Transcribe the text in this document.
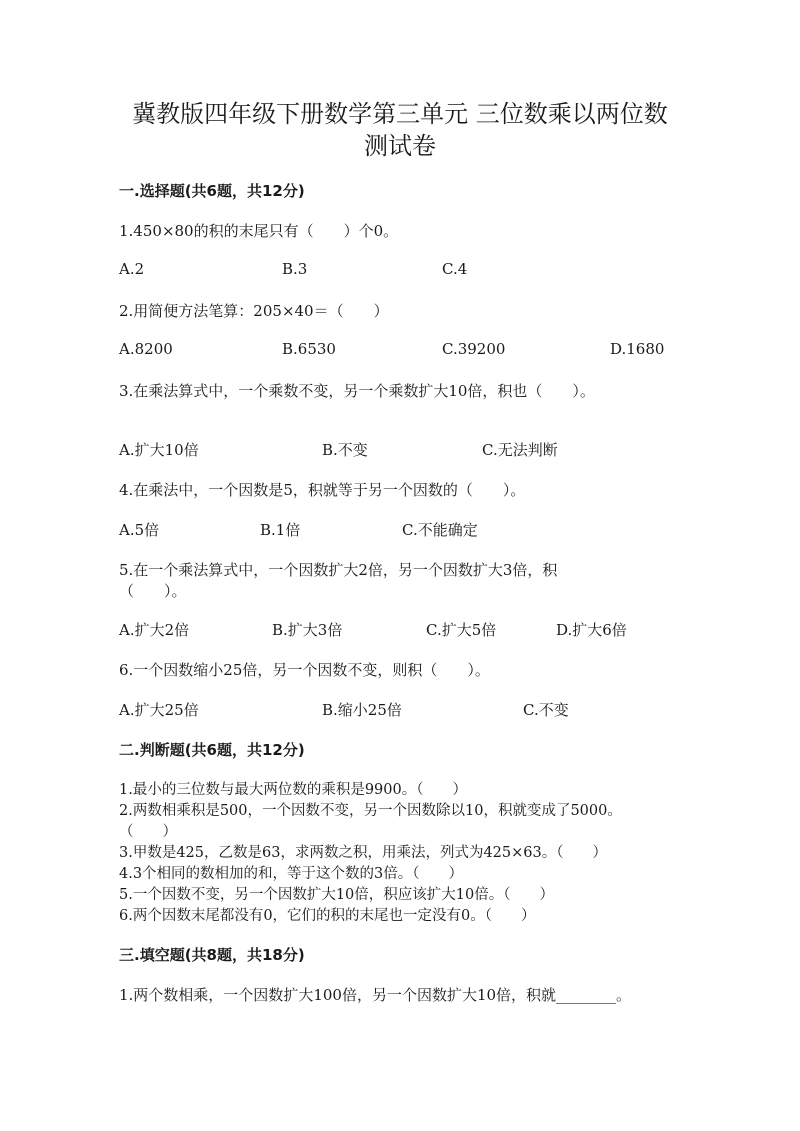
冀教版四年级下册数学第三单元 三位数乘以两位数
测试卷
一.选择题(共6题，共12分)
1.450×80的积的末尾只有（　　）个0。
A.2	B.3	C.4
2.用简便方法笔算：205×40＝（　　）
A.8200	B.6530	C.39200	D.1680
3.在乘法算式中，一个乘数不变，另一个乘数扩大10倍，积也（　　）。
A.扩大10倍	B.不变	C.无法判断
4.在乘法中，一个因数是5，积就等于另一个因数的（　　）。
A.5倍	B.1倍	C.不能确定
5.在一个乘法算式中，一个因数扩大2倍，另一个因数扩大3倍，积
（　　）。
A.扩大2倍	B.扩大3倍	C.扩大5倍	D.扩大6倍
6.一个因数缩小25倍，另一个因数不变，则积（　　）。
A.扩大25倍	B.缩小25倍	C.不变
二.判断题(共6题，共12分)
1.最小的三位数与最大两位数的乘积是9900。（　　）
2.两数相乘积是500，一个因数不变，另一个因数除以10，积就变成了5000。
（　　）
3.甲数是425，乙数是63，求两数之积，用乘法，列式为425×63。（　　）
4.3个相同的数相加的和，等于这个数的3倍。（　　）
5.一个因数不变，另一个因数扩大10倍，积应该扩大10倍。（　　）
6.两个因数末尾都没有0，它们的积的末尾也一定没有0。（　　）
三.填空题(共8题，共18分)
1.两个数相乘，一个因数扩大100倍，另一个因数扩大10倍，积就________。
